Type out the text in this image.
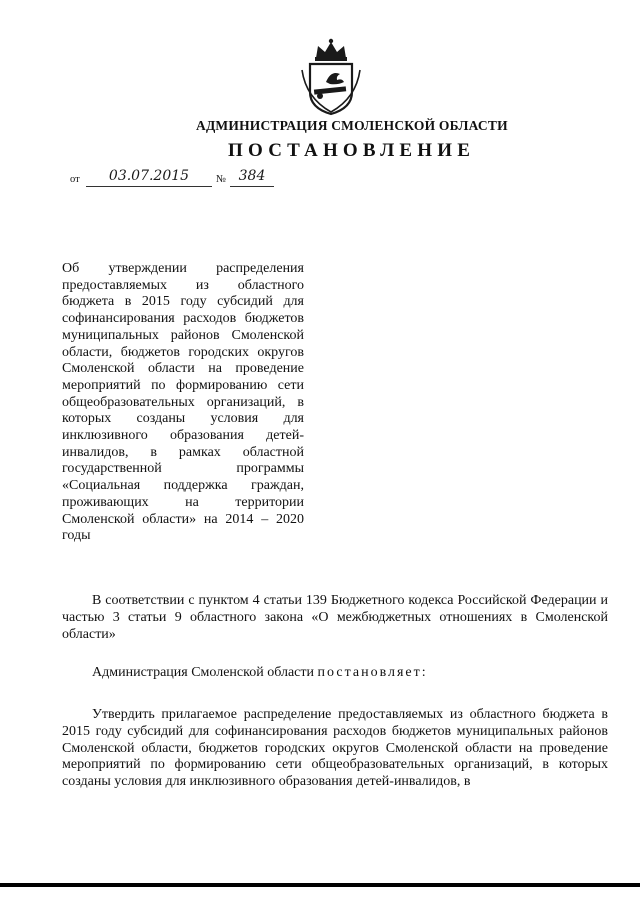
АДМИНИСТРАЦИЯ СМОЛЕНСКОЙ ОБЛАСТИ
ПОСТАНОВЛЕНИЕ
от	03.07.2015	№ 384
Об утверждении распределения предоставляемых из областного бюджета в 2015 году субсидий для софинансирования расходов бюджетов муниципальных районов Смоленской области, бюджетов городских округов Смоленской области на проведение мероприятий по формированию сети общеобразовательных организаций, в которых созданы условия для инклюзивного образования детей-инвалидов, в рамках областной государственной программы «Социальная поддержка граждан, проживающих на территории Смоленской области» на 2014 – 2020 годы
В соответствии с пунктом 4 статьи 139 Бюджетного кодекса Российской Федерации и частью 3 статьи 9 областного закона «О межбюджетных отношениях в Смоленской области»
Администрация Смоленской области постановляет:
Утвердить прилагаемое распределение предоставляемых из областного бюджета в 2015 году субсидий для софинансирования расходов бюджетов муниципальных районов Смоленской области, бюджетов городских округов Смоленской области на проведение мероприятий по формированию сети общеобразовательных организаций, в которых созданы условия для инклюзивного образования детей-инвалидов, в
